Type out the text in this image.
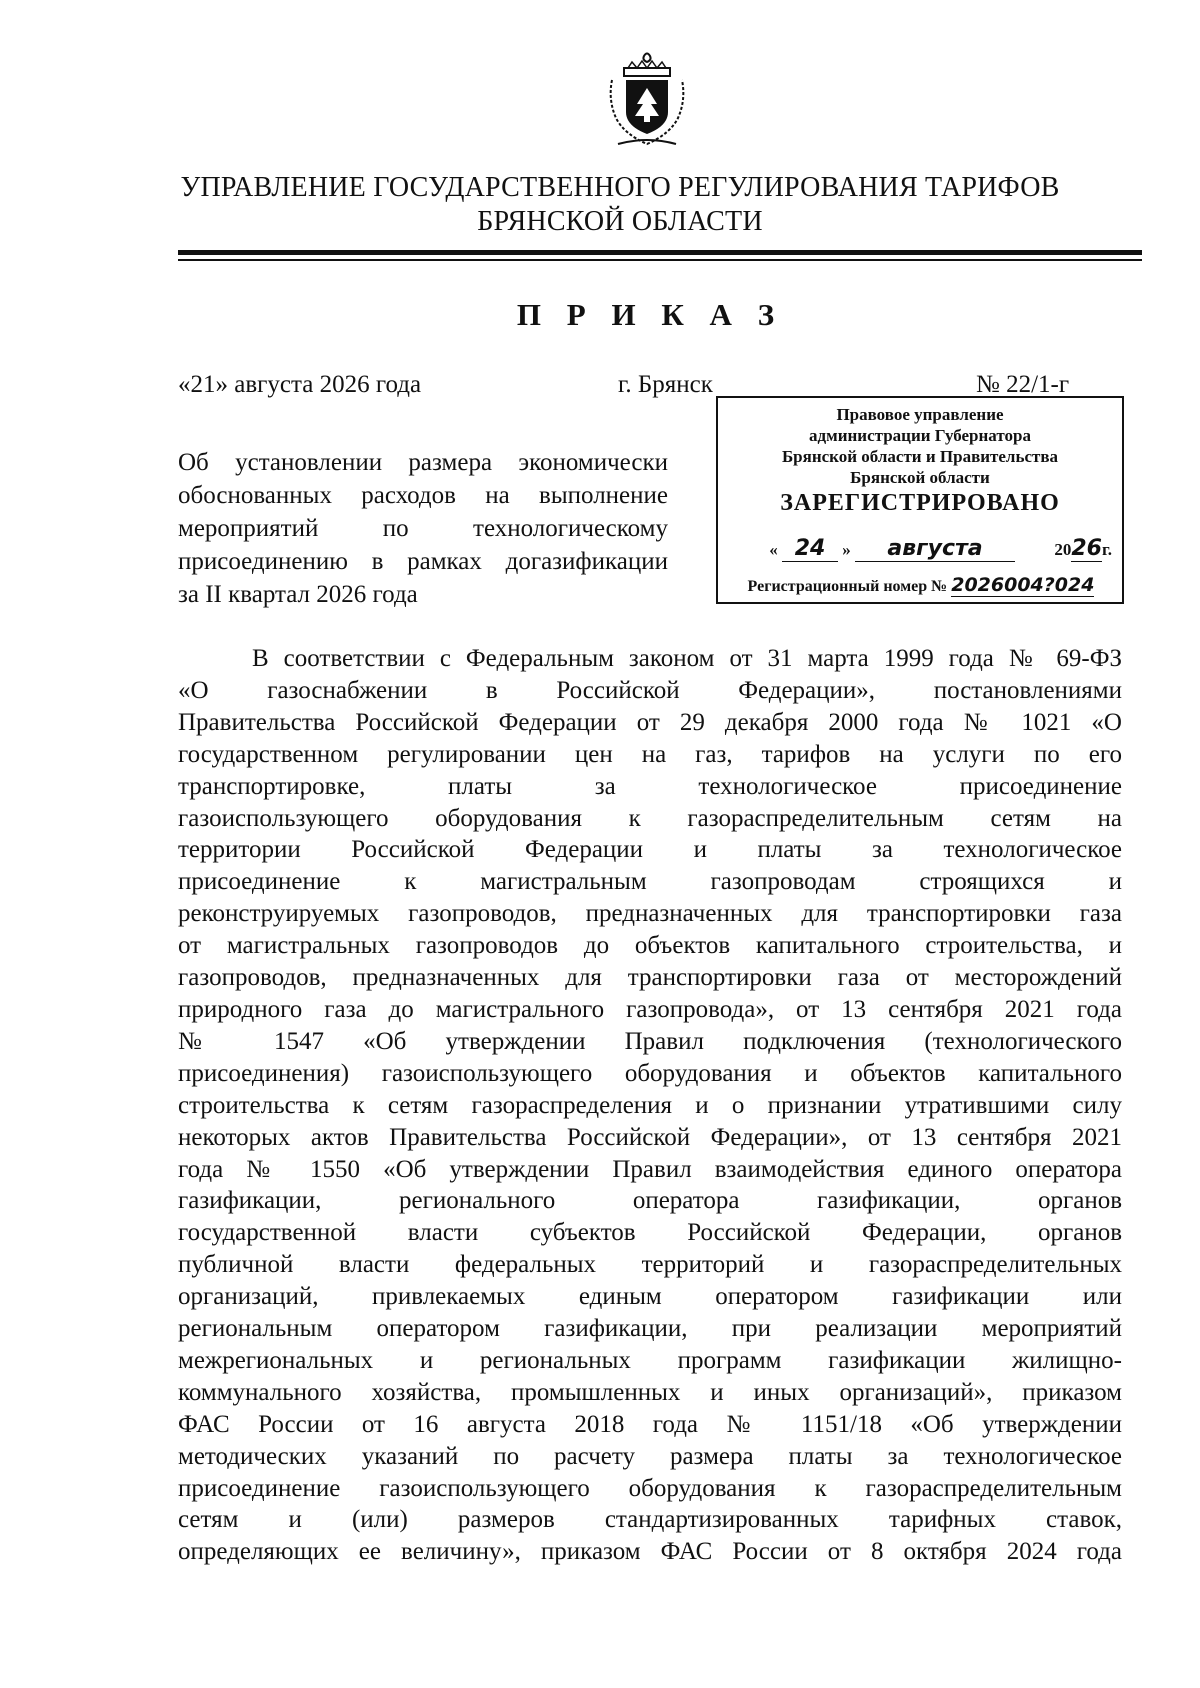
УПРАВЛЕНИЕ ГОСУДАРСТВЕННОГО РЕГУЛИРОВАНИЯ ТАРИФОВ
БРЯНСКОЙ ОБЛАСТИ
П Р И К А З
«21» августа 2026 года	г. Брянск	№ 22/1-г
Правовое управление
администрации Губернатора
Брянской области и Правительства
Брянской области
ЗАРЕГИСТРИРОВАНО
« 24 » августа	2026г.
Регистрационный номер № 2026004?024
Об установлении размера экономически
обоснованных расходов на выполнение
мероприятий по технологическому
присоединению в рамках догазификации
за II квартал 2026 года
В соответствии с Федеральным законом от 31 марта 1999 года № 69-ФЗ
«О газоснабжении в Российской Федерации», постановлениями
Правительства Российской Федерации от 29 декабря 2000 года № 1021 «О
государственном регулировании цен на газ, тарифов на услуги по его
транспортировке, платы за технологическое присоединение
газоиспользующего оборудования к газораспределительным сетям на
территории Российской Федерации и платы за технологическое
присоединение к магистральным газопроводам строящихся и
реконструируемых газопроводов, предназначенных для транспортировки газа
от магистральных газопроводов до объектов капитального строительства, и
газопроводов, предназначенных для транспортировки газа от месторождений
природного газа до магистрального газопровода», от 13 сентября 2021 года
№ 1547 «Об утверждении Правил подключения (технологического
присоединения) газоиспользующего оборудования и объектов капитального
строительства к сетям газораспределения и о признании утратившими силу
некоторых актов Правительства Российской Федерации», от 13 сентября 2021
года № 1550 «Об утверждении Правил взаимодействия единого оператора
газификации, регионального оператора газификации, органов
государственной власти субъектов Российской Федерации, органов
публичной власти федеральных территорий и газораспределительных
организаций, привлекаемых единым оператором газификации или
региональным оператором газификации, при реализации мероприятий
межрегиональных и региональных программ газификации жилищно-
коммунального хозяйства, промышленных и иных организаций», приказом
ФАС России от 16 августа 2018 года № 1151/18 «Об утверждении
методических указаний по расчету размера платы за технологическое
присоединение газоиспользующего оборудования к газораспределительным
сетям и (или) размеров стандартизированных тарифных ставок,
определяющих ее величину», приказом ФАС России от 8 октября 2024 года
